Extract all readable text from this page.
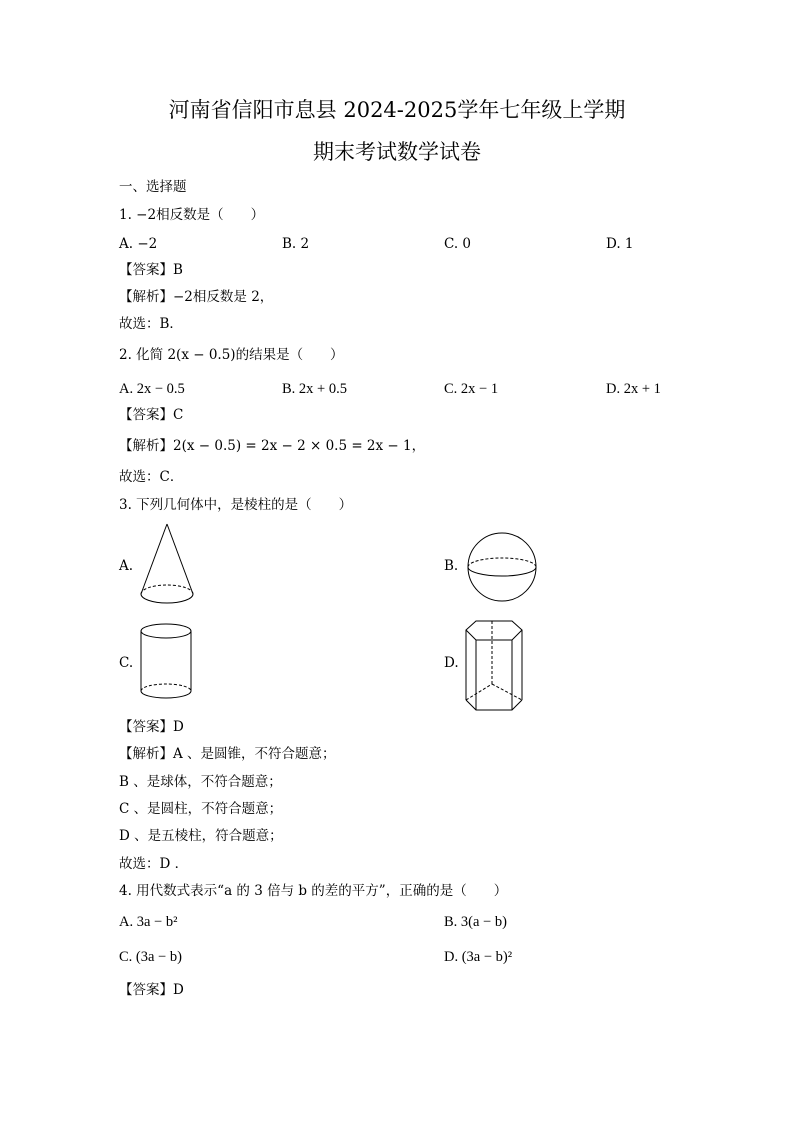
河南省信阳市息县 2024-2025学年七年级上学期
期末考试数学试卷
一、选择题
1. −2相反数是（　　）
A. −2	B. 2	C. 0	D. 1
【答案】B
【解析】−2相反数是 2，
故选：B．
2. 化简 2(x − 0.5)的结果是（　　）
A. 2x − 0.5	B. 2x + 0.5	C. 2x − 1	D. 2x + 1
【答案】C
【解析】2(x − 0.5) = 2x − 2 × 0.5 = 2x − 1，
故选：C．
3. 下列几何体中，是棱柱的是（　　）
A.	B.
C.	D.
【答案】D
【解析】A 、是圆锥，不符合题意；
B 、是球体，不符合题意；
C 、是圆柱，不符合题意；
D 、是五棱柱，符合题意；
故选：D ．
4. 用代数式表示“a 的 3 倍与 b 的差的平方”，正确的是（　　）
A. 3a − b²	B. 3(a − b)
C. (3a − b)	D. (3a − b)²
【答案】D
